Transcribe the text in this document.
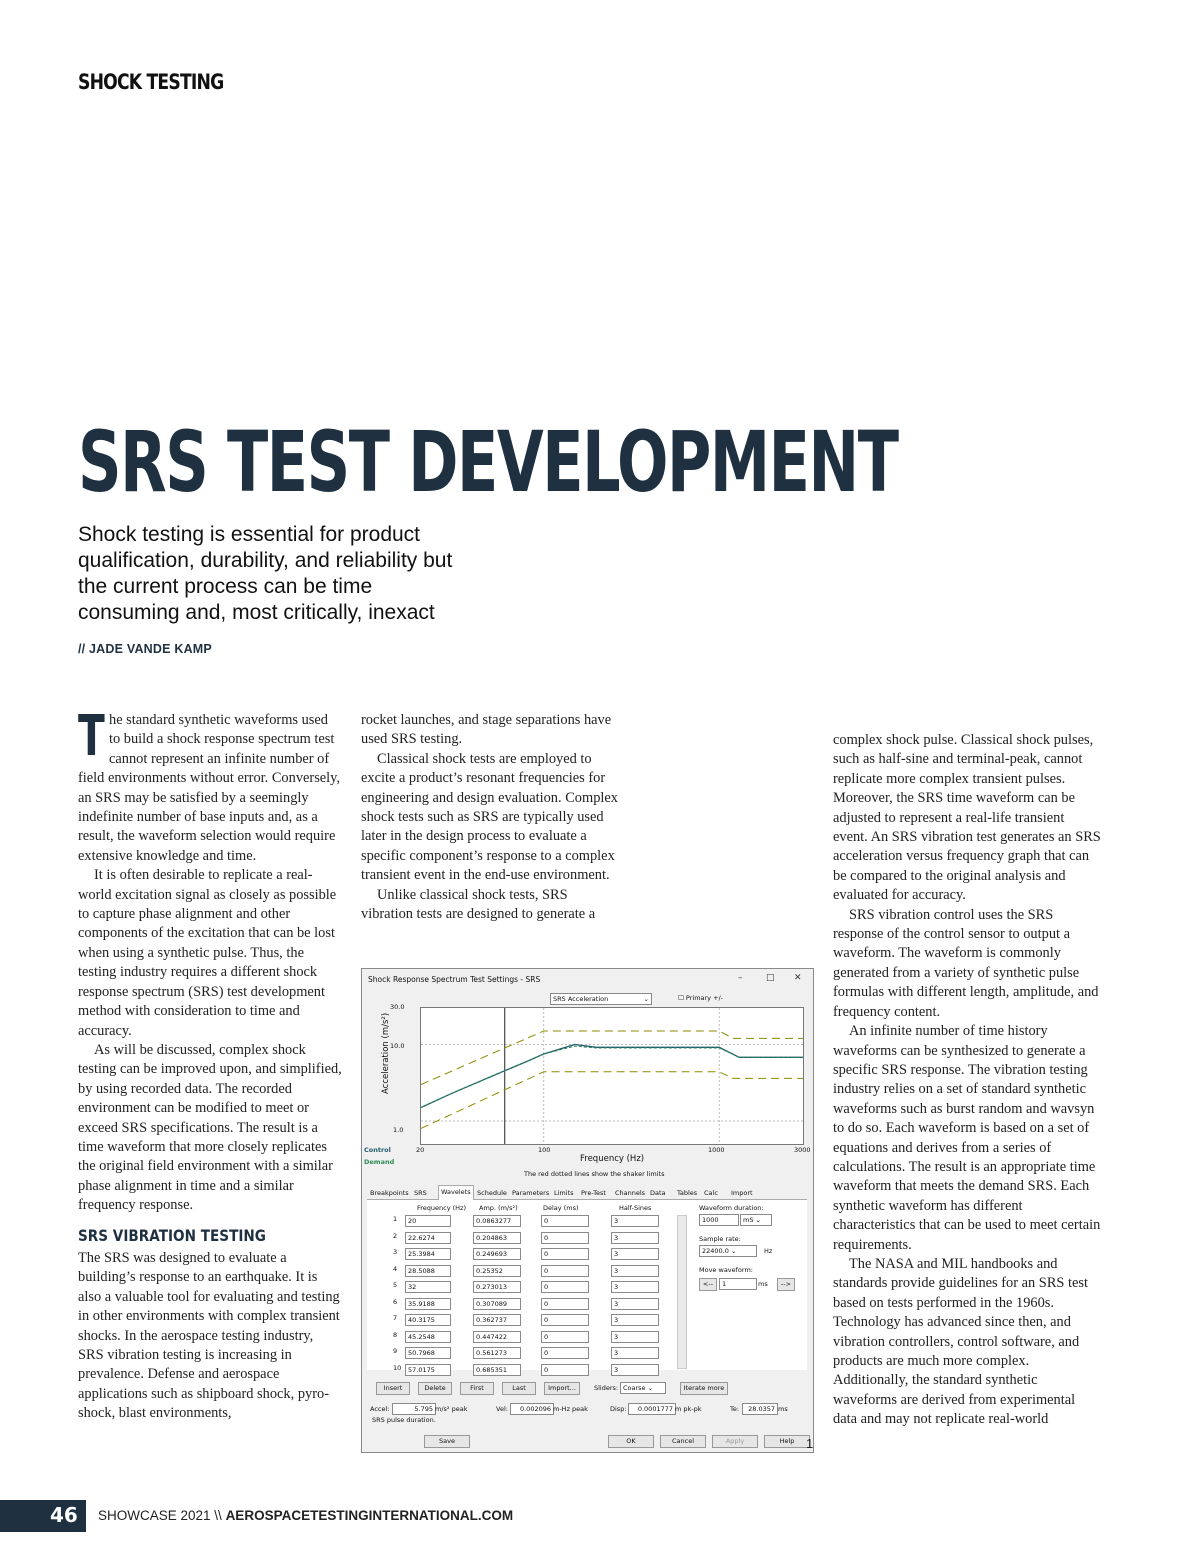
SHOCK TESTING
SRS TEST DEVELOPMENT
Shock testing is essential for product qualification, durability, and reliability but the current process can be time consuming and, most critically, inexact
// JADE VANDE KAMP

The standard synthetic waveforms used to build a shock response spectrum test cannot represent an infinite number of field environments without error. Conversely, an SRS may be satisfied by a seemingly indefinite number of base inputs and, as a result, the waveform selection would require extensive knowledge and time.

It is often desirable to replicate a real-world excitation signal as closely as possible to capture phase alignment and other components of the excitation that can be lost when using a synthetic pulse. Thus, the testing industry requires a different shock response spectrum (SRS) test development method with consideration to time and accuracy.

As will be discussed, complex shock testing can be improved upon, and simplified, by using recorded data. The recorded environment can be modified to meet or exceed SRS specifications. The result is a time waveform that more closely replicates the original field environment with a similar phase alignment in time and a similar frequency response.

SRS VIBRATION TESTING

The SRS was designed to evaluate a building’s response to an earthquake. It is also a valuable tool for evaluating and testing in other environments with complex transient shocks. In the aerospace testing industry, SRS vibration testing is increasing in prevalence. Defense and aerospace applications such as shipboard shock, pyro-shock, blast environments,

rocket launches, and stage separations have used SRS testing.

Classical shock tests are employed to excite a product’s resonant frequencies for engineering and design evaluation. Complex shock tests such as SRS are typically used later in the design process to evaluate a specific component’s response to a complex transient event in the end-use environment.

Unlike classical shock tests, SRS vibration tests are designed to generate a

complex shock pulse. Classical shock pulses, such as half-sine and terminal-peak, cannot replicate more complex transient pulses. Moreover, the SRS time waveform can be adjusted to represent a real-life transient event. An SRS vibration test generates an SRS acceleration versus frequency graph that can be compared to the original analysis and evaluated for accuracy.

SRS vibration control uses the SRS response of the control sensor to output a waveform. The waveform is commonly generated from a variety of synthetic pulse formulas with different length, amplitude, and frequency content.

An infinite number of time history waveforms can be synthesized to generate a specific SRS response. The vibration testing industry relies on a set of standard synthetic waveforms such as burst random and wavsyn to do so. Each waveform is based on a set of equations and derives from a series of calculations. The result is an appropriate time waveform that meets the demand SRS. Each synthetic waveform has different characteristics that can be used to meet certain requirements.

The NASA and MIL handbooks and standards provide guidelines for an SRS test based on tests performed in the 1960s. Technology has advanced since then, and vibration controllers, control software, and products are much more complex. Additionally, the standard synthetic waveforms are derived from experimental data and may not replicate real-world

Shock Response Spectrum Test Settings - SRS	–	□ ✕
SRS Acceleration	⌄	☐ Primary +/-
30.0
10.0
1.0
Acceleration (m/s²)
20	100	1000	3000
Control
Demand	Frequency (Hz)
The red dotted lines show the shaker limits
Breakpoints SRS	Wavelets Schedule Parameters Limits Pre-Test Channels Data Tables Calc Import
Frequency (Hz) Amp. (m/s²)	Delay (ms)	Half-Sines
1	20	0.0863277	0	3
2	22.6274	0.204863	0	3
3	25.3984	0.249693	0	3
4	28.5088	0.25352	0	3
5	32	0.273013	0	3
6	35.9188	0.307089	0	3
7	40.3175	0.362737	0	3
8	45.2548	0.447422	0	3
9	50.7968	0.561273	0	3
10	57.0175	0.685351	0	3
Waveform duration:
1000	mS ⌄
Sample rate:
22400.0 ⌄	Hz
Move waveform:
<--	1	ms	-->
Insert	Delete	First	Last	Import...	Sliders: Coarse ⌄	Iterate more
Accel:	5.795 m/s² peak	Vel:	0.002096 m-Hz peak	Disp:	0.0001777 m pk-pk	Te:	28.0357 ms
SRS pulse duration.
Save	OK	Cancel	Apply	Help 1
46 SHOWCASE 2021 \\ AEROSPACETESTINGINTERNATIONAL.COM
